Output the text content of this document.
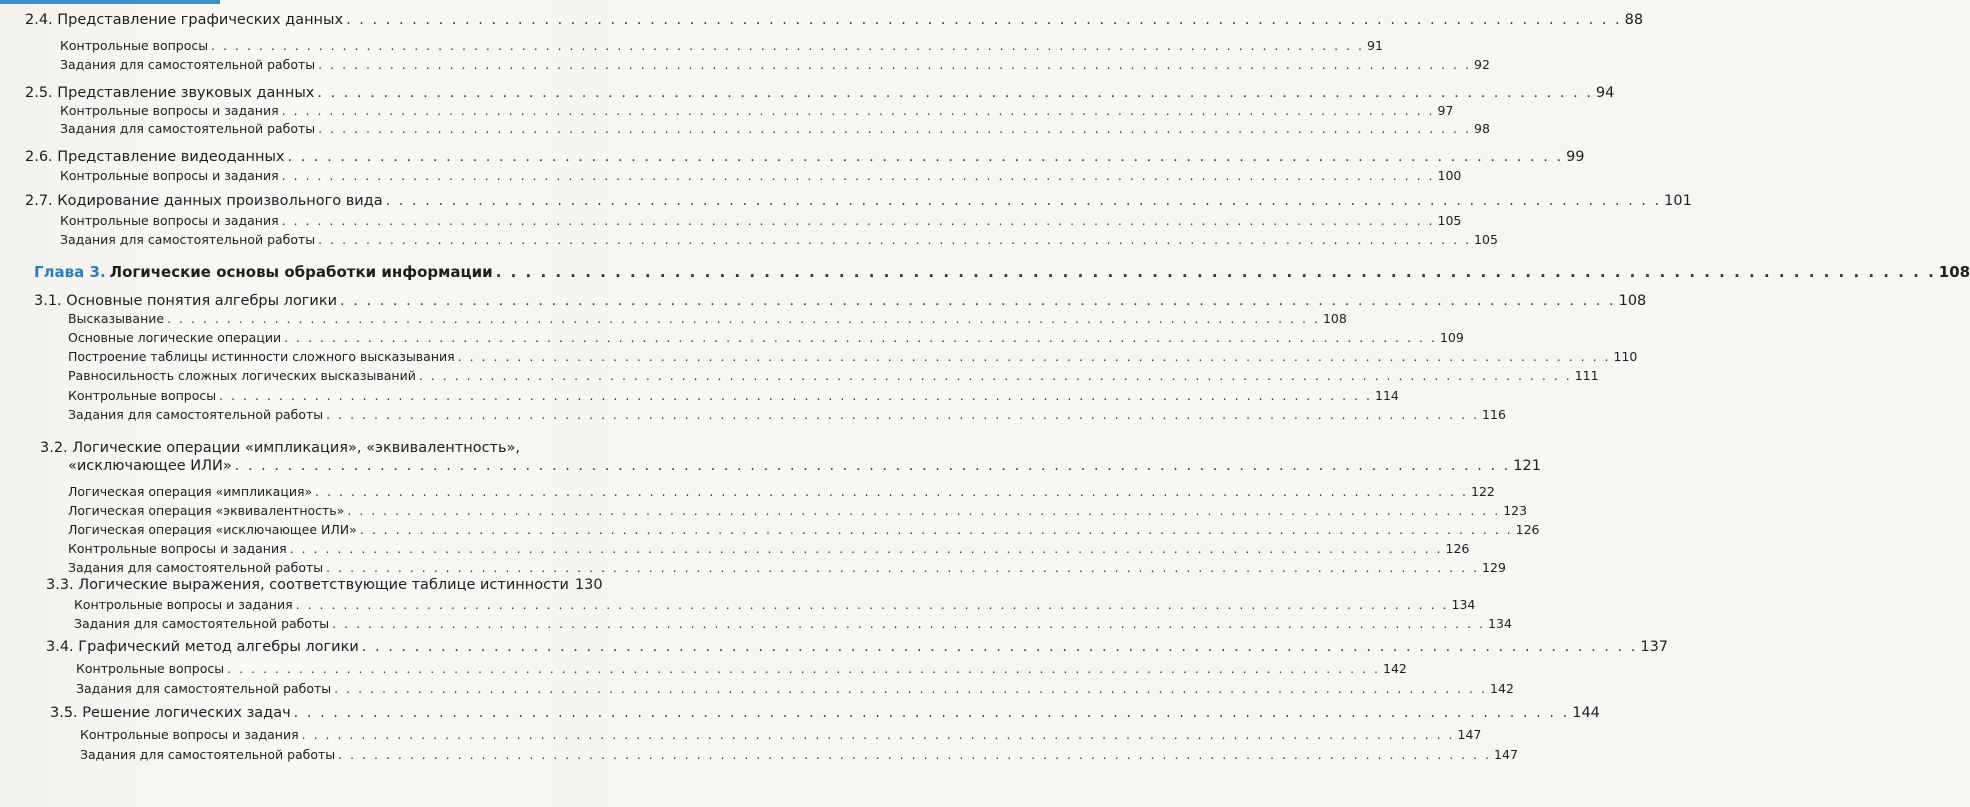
2.4. Представление графических данных . . .	88
Контрольные вопросы . . .	91
Задания для самостоятельной работы . . .	92
2.5. Представление звуковых данных . . .	94
Контрольные вопросы и задания . . .	97
Задания для самостоятельной работы . . .	98
2.6. Представление видеоданных . . .	99
Контрольные вопросы и задания . . .	100
2.7. Кодирование данных произвольного вида . . .	101
Контрольные вопросы и задания . . .	105
Задания для самостоятельной работы . . .	105
Глава 3. Логические основы обработки информации . . .	108
3.1. Основные понятия алгебры логики . . .	108
Высказывание . . .	108
Основные логические операции . . .	109
Построение таблицы истинности сложного высказывания . . .	110
Равносильность сложных логических высказываний . . .	111
Контрольные вопросы . . .	114
Задания для самостоятельной работы . . .	116
3.2. Логические операции «импликация», «эквивалентность»,
«исключающее ИЛИ» . . .	121
Логическая операция «импликация» . . .	122
Логическая операция «эквивалентность» . . .	123
Логическая операция «исключающее ИЛИ» . . .	126
Контрольные вопросы и задания . . .	126
Задания для самостоятельной работы . . .	129
3.3. Логические выражения, соответствующие таблице истинности 130
Контрольные вопросы и задания . . .	134
Задания для самостоятельной работы . . .	134
3.4. Графический метод алгебры логики . . .	137
Контрольные вопросы . . .	142
Задания для самостоятельной работы . . .	142
3.5. Решение логических задач . . .	144
Контрольные вопросы и задания . . .	147
Задания для самостоятельной работы . . .	147
